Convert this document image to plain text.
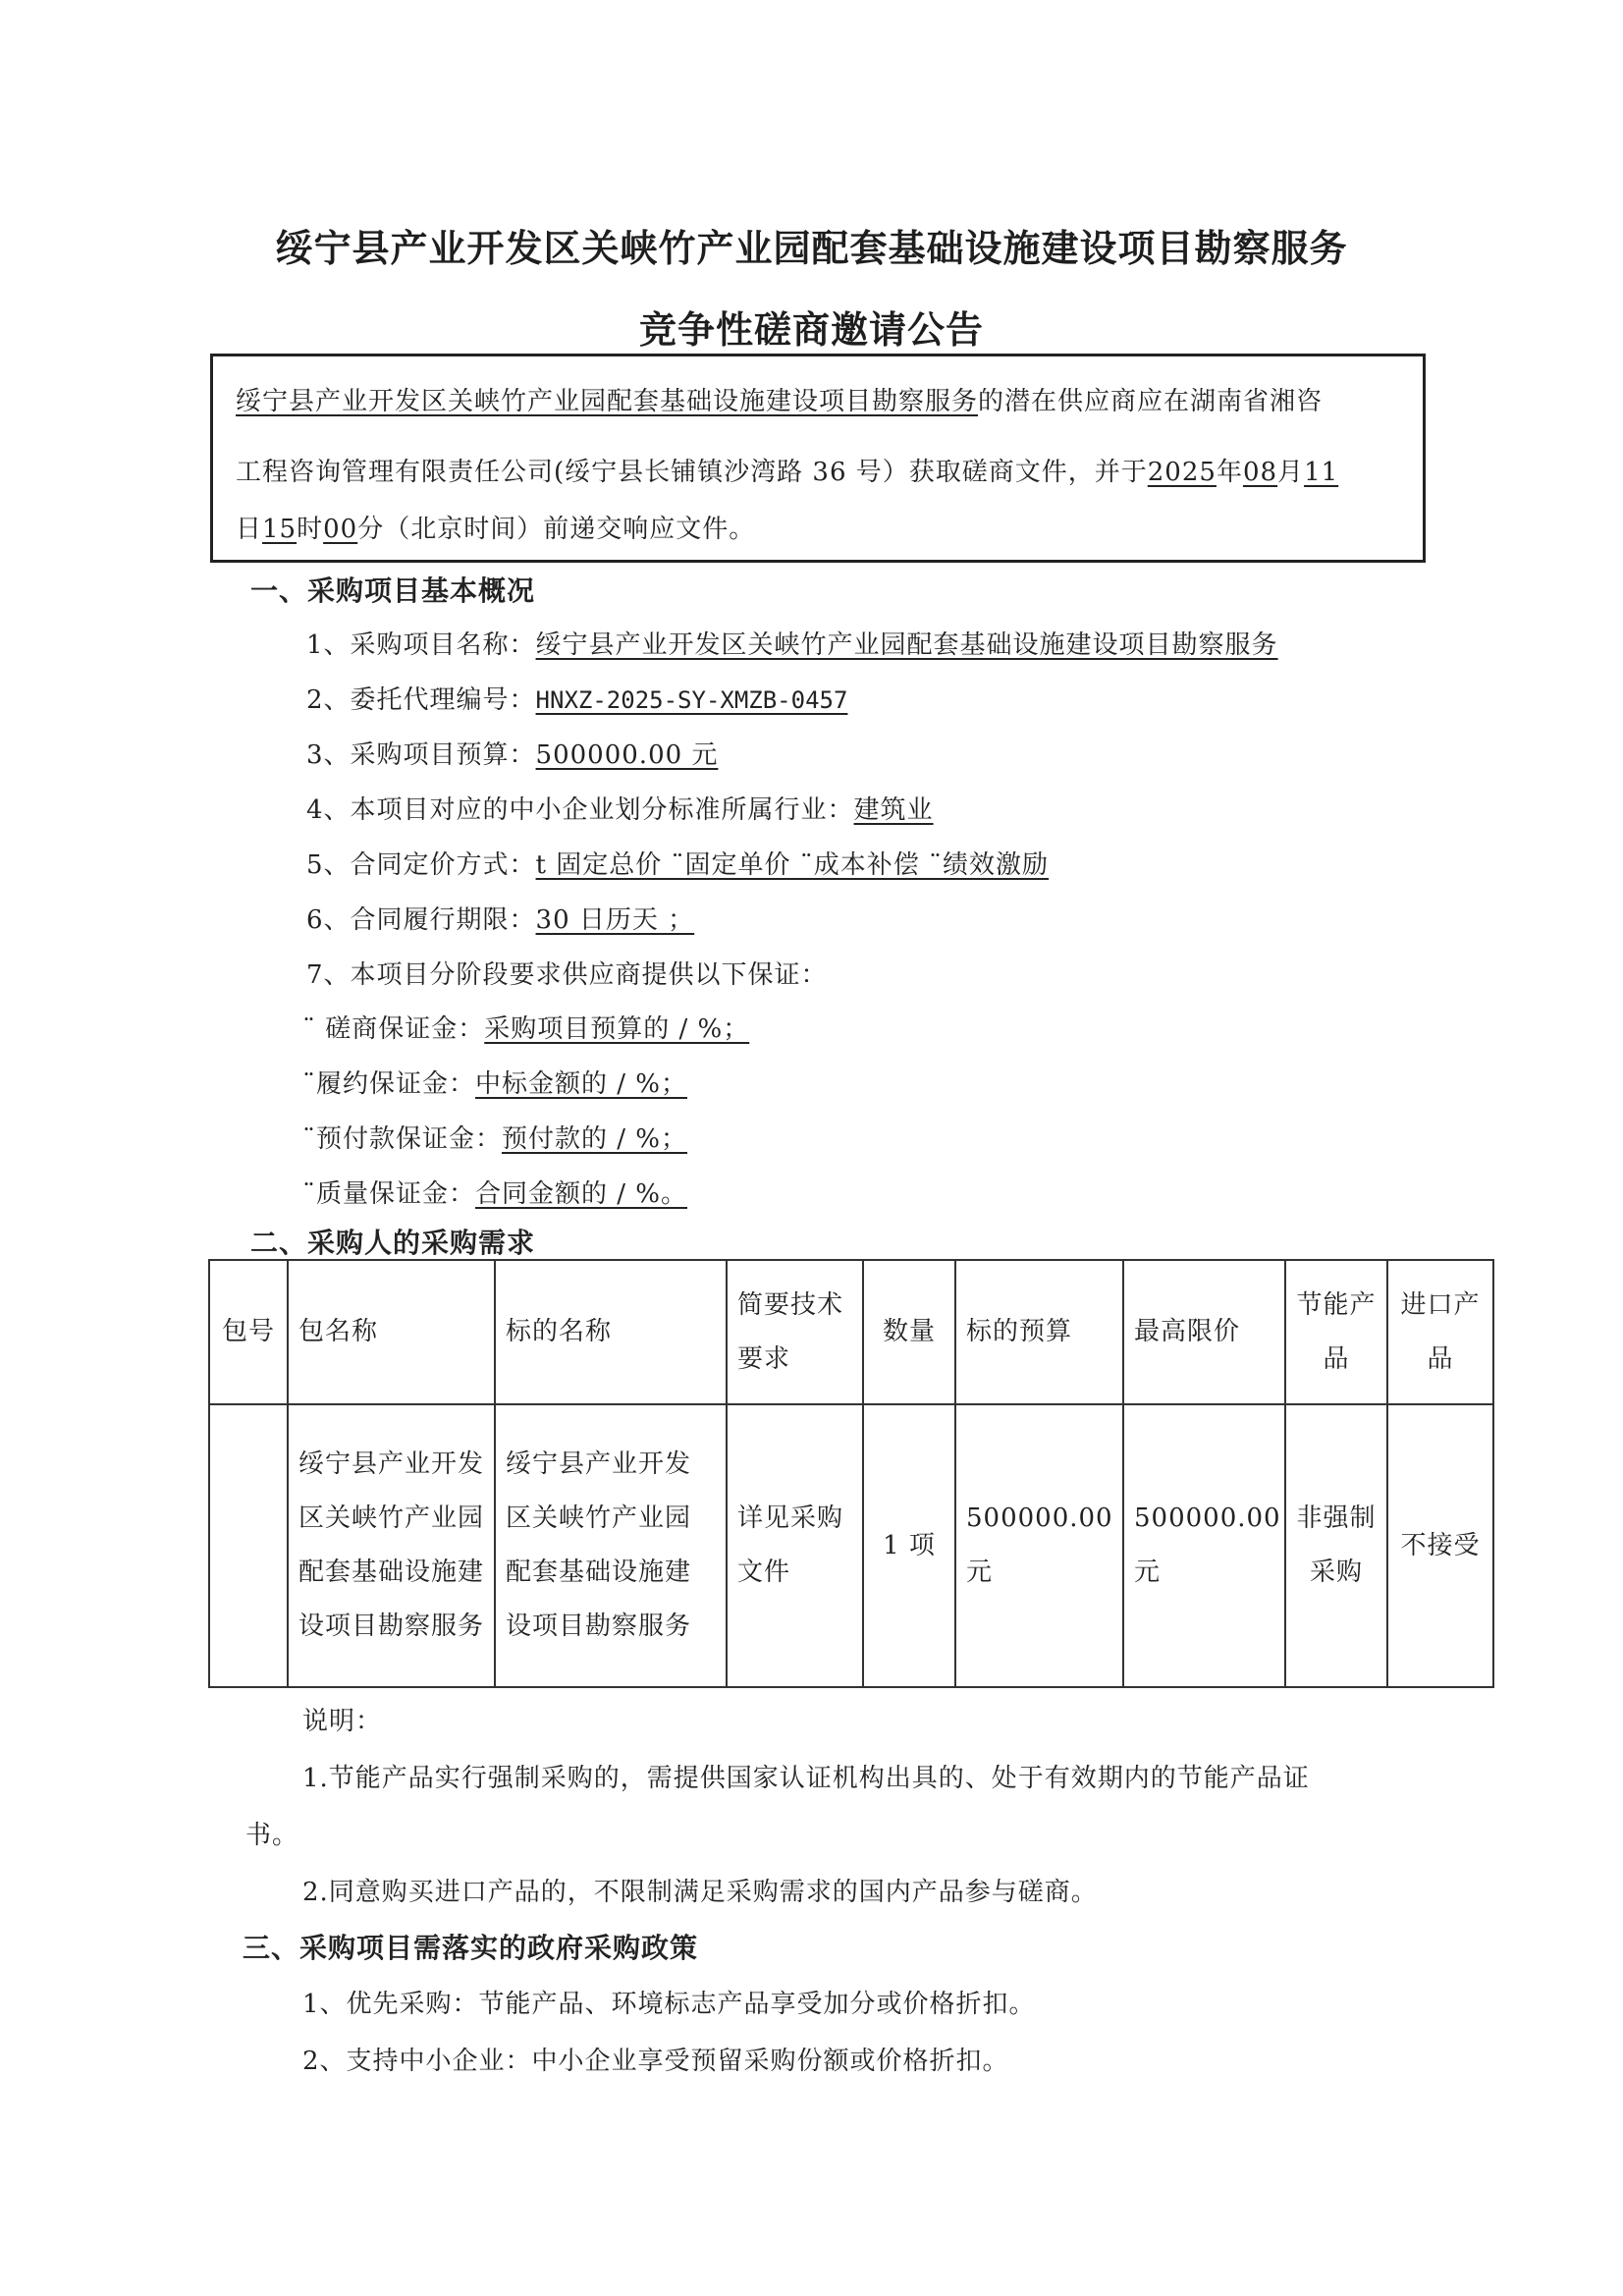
绥宁县产业开发区关峡竹产业园配套基础设施建设项目勘察服务
竞争性磋商邀请公告
绥宁县产业开发区关峡竹产业园配套基础设施建设项目勘察服务的潜在供应商应在湖南省湘咨
工程咨询管理有限责任公司(绥宁县长铺镇沙湾路 36 号）获取磋商文件，并于2025年08月11
日15时00分（北京时间）前递交响应文件。
一、采购项目基本概况
1、采购项目名称：绥宁县产业开发区关峡竹产业园配套基础设施建设项目勘察服务
2、委托代理编号：HNXZ-2025-SY-XMZB-0457
3、采购项目预算：500000.00 元
4、本项目对应的中小企业划分标准所属行业：建筑业
5、合同定价方式：t 固定总价 ¨固定单价 ¨成本补偿 ¨绩效激励
6、合同履行期限：30 日历天 ；
7、本项目分阶段要求供应商提供以下保证：
¨ 磋商保证金：采购项目预算的 / %；
¨履约保证金：中标金额的 / %；
¨预付款保证金：预付款的 / %；
¨质量保证金：合同金额的 / %。
二、采购人的采购需求
包号	包名称	标的名称	简要技术要求	数量	标的预算	最高限价	节能产品	进口产品
	绥宁县产业开发区关峡竹产业园配套基础设施建设项目勘察服务	绥宁县产业开发区关峡竹产业园配套基础设施建设项目勘察服务	详见采购文件	1 项	500000.00 元	500000.00 元	非强制采购	不接受
说明：
1.节能产品实行强制采购的，需提供国家认证机构出具的、处于有效期内的节能产品证
书。
2.同意购买进口产品的，不限制满足采购需求的国内产品参与磋商。
三、采购项目需落实的政府采购政策
1、优先采购：节能产品、环境标志产品享受加分或价格折扣。
2、支持中小企业：中小企业享受预留采购份额或价格折扣。
